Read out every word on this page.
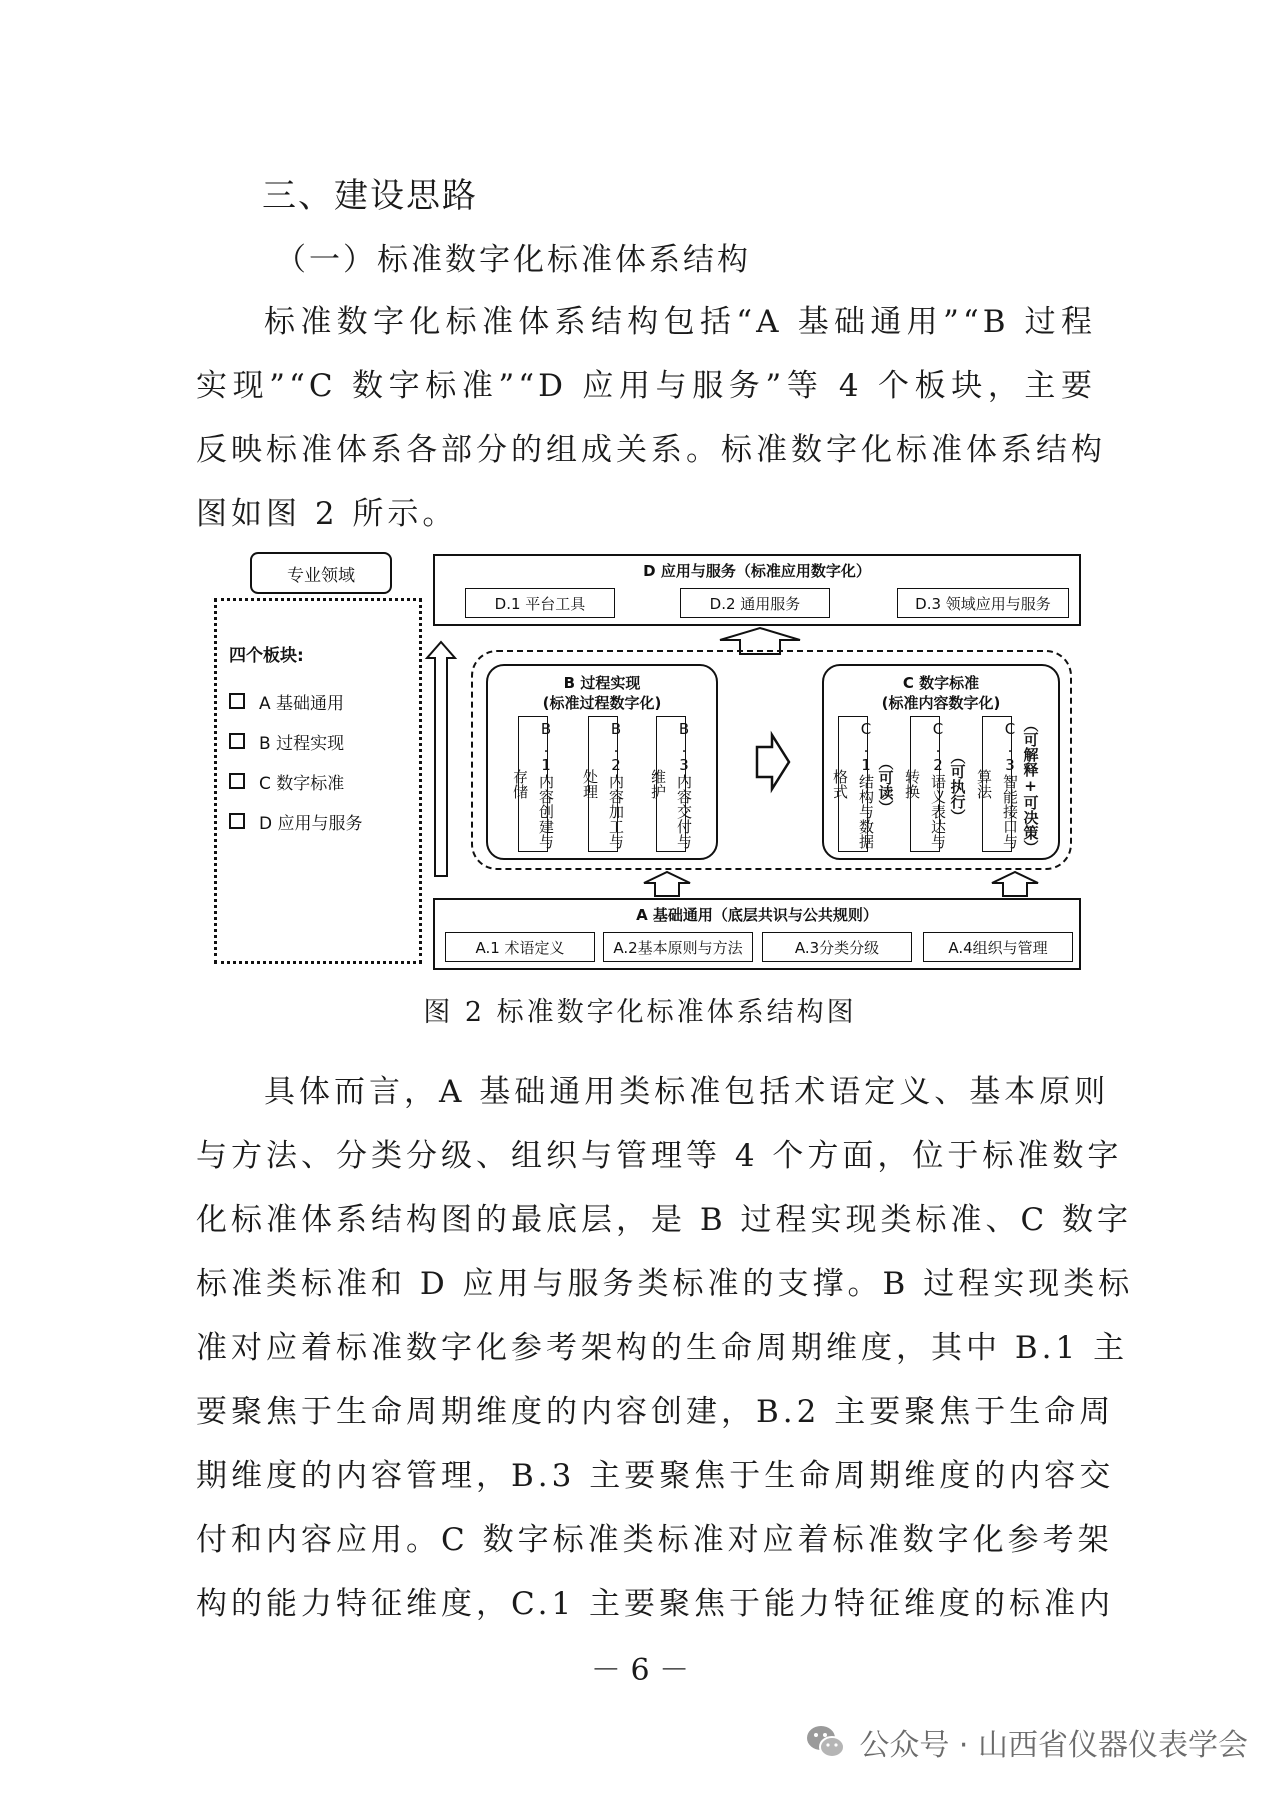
三、建设思路
（一）标准数字化标准体系结构
标准数字化标准体系结构包括“A 基础通用”“B 过程
实现”“C 数字标准”“D 应用与服务”等 4 个板块，主要
反映标准体系各部分的组成关系。标准数字化标准体系结构
图如图 2 所示。
专业领域
四个板块:
A 基础通用
B 过程实现
C 数字标准
D 应用与服务
D 应用与服务（标准应用数字化）
D.1 平台工具	D.2 通用服务	D.3 领域应用与服务
B 过程实现
(标准过程数字化)
B.1内容创建与存储	B.2内容加工与处理	B.3内容交付与维护
C 数字标准
(标准内容数字化)
C.1结构与数据格式	（可读）	C.2语义表达与转换	（可执行）	C.3智能接口与算法	（可解释+可决策）
A 基础通用（底层共识与公共规则）
A.1 术语定义	A.2基本原则与方法	A.3分类分级	A.4组织与管理
图 2 标准数字化标准体系结构图
具体而言，A 基础通用类标准包括术语定义、基本原则
与方法、分类分级、组织与管理等 4 个方面，位于标准数字
化标准体系结构图的最底层，是 B 过程实现类标准、C 数字
标准类标准和 D 应用与服务类标准的支撑。B 过程实现类标
准对应着标准数字化参考架构的生命周期维度，其中 B.1 主
要聚焦于生命周期维度的内容创建，B.2 主要聚焦于生命周
期维度的内容管理，B.3 主要聚焦于生命周期维度的内容交
付和内容应用。C 数字标准类标准对应着标准数字化参考架
构的能力特征维度，C.1 主要聚焦于能力特征维度的标准内
－ 6 －
公众号 · 山西省仪器仪表学会
